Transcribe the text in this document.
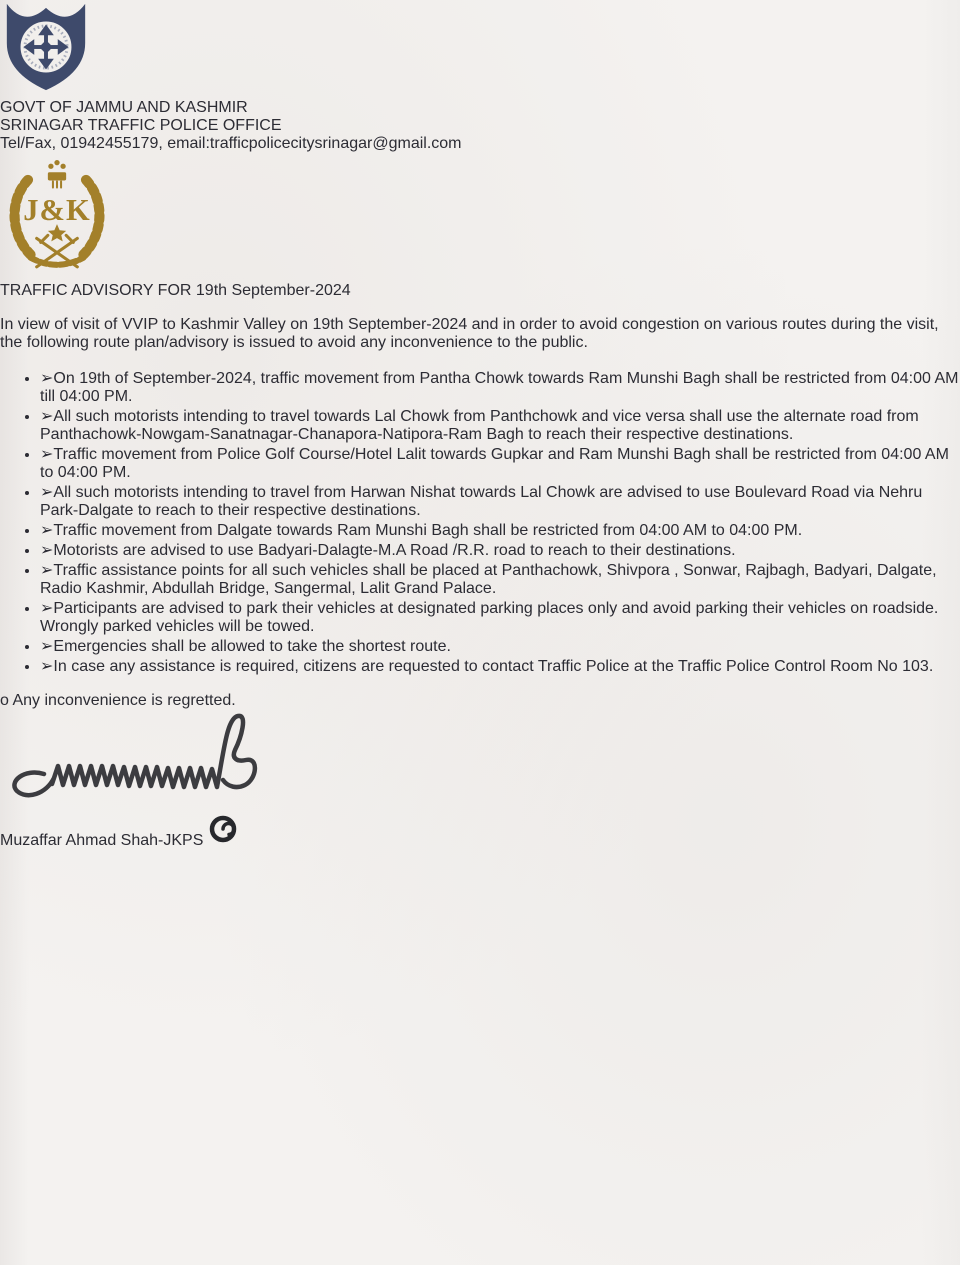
GOVT OF JAMMU AND KASHMIR
SRINAGAR TRAFFIC POLICE OFFICE
Tel/Fax, 01942455179, email:trafficpolicecitysrinagar@gmail.com
J&K
TRAFFIC ADVISORY FOR 19th September-2024

In view of visit of VVIP to Kashmir Valley on 19th September-2024 and in order to avoid congestion on various routes during the visit, the following route plan/advisory is issued to avoid any inconvenience to the public.

• ➢On 19th of September-2024, traffic movement from Pantha Chowk towards Ram Munshi Bagh shall be restricted from 04:00 AM till 04:00 PM.
• ➢All such motorists intending to travel towards Lal Chowk from Panthchowk and vice versa shall use the alternate road from Panthachowk-Nowgam-Sanatnagar-Chanapora-Natipora-Ram Bagh to reach their respective destinations.
• ➢Traffic movement from Police Golf Course/Hotel Lalit towards Gupkar and Ram Munshi Bagh shall be restricted from 04:00 AM to 04:00 PM.
• ➢All such motorists intending to travel from Harwan Nishat towards Lal Chowk are advised to use Boulevard Road via Nehru Park-Dalgate to reach to their respective destinations.
• ➢Traffic movement from Dalgate towards Ram Munshi Bagh shall be restricted from 04:00 AM to 04:00 PM.
• ➢Motorists are advised to use Badyari-Dalagte-M.A Road /R.R. road to reach to their destinations.
• ➢Traffic assistance points for all such vehicles shall be placed at Panthachowk, Shivpora , Sonwar, Rajbagh, Badyari, Dalgate, Radio Kashmir, Abdullah Bridge, Sangermal, Lalit Grand Palace.
• ➢Participants are advised to park their vehicles at designated parking places only and avoid parking their vehicles on roadside. Wrongly parked vehicles will be towed.
• ➢Emergencies shall be allowed to take the shortest route.
• ➢In case any assistance is required, citizens are requested to contact Traffic Police at the Traffic Police Control Room No 103.
o Any inconvenience is regretted.
Muzaffar Ahmad Shah-JKPS
